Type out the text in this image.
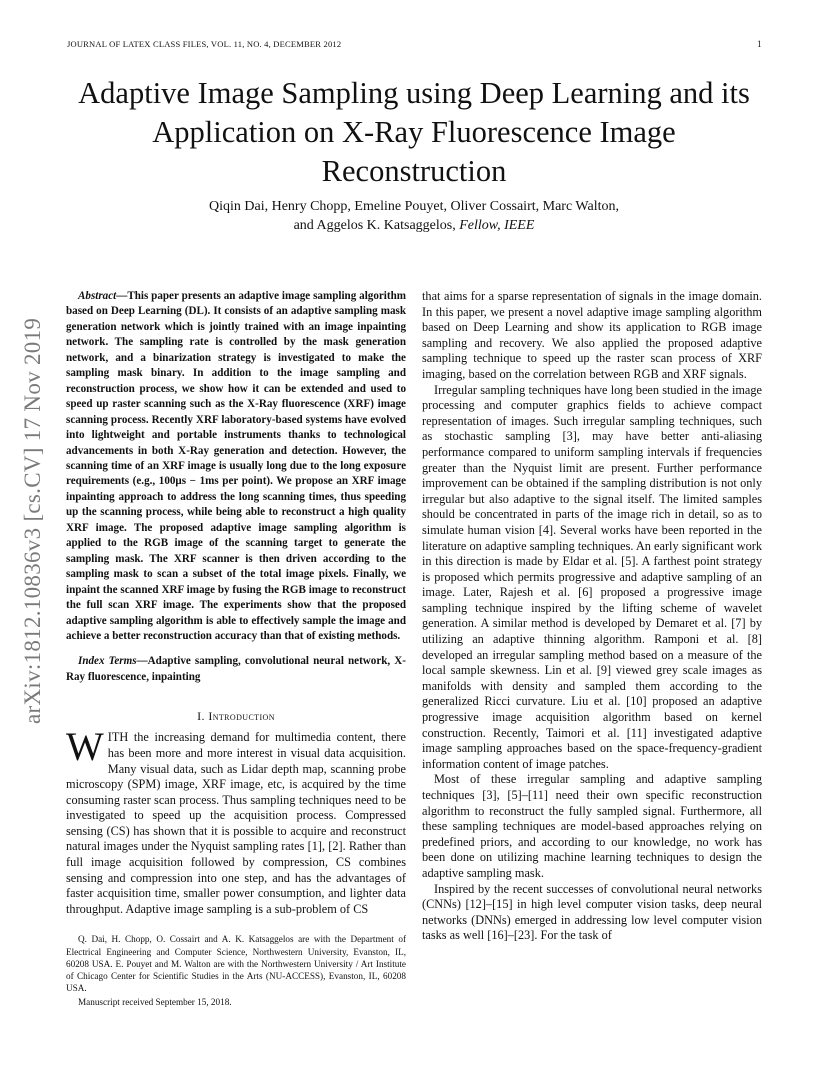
JOURNAL OF LATEX CLASS FILES, VOL. 11, NO. 4, DECEMBER 2012	1
arXiv:1812.10836v3 [cs.CV] 17 Nov 2019
Adaptive Image Sampling using Deep Learning and its Application on X-Ray Fluorescence Image Reconstruction
Qiqin Dai, Henry Chopp, Emeline Pouyet, Oliver Cossairt, Marc Walton,
and Aggelos K. Katsaggelos, Fellow, IEEE

Abstract—This paper presents an adaptive image sampling algorithm based on Deep Learning (DL). It consists of an adaptive sampling mask generation network which is jointly trained with an image inpainting network. The sampling rate is controlled by the mask generation network, and a binarization strategy is investigated to make the sampling mask binary. In addition to the image sampling and reconstruction process, we show how it can be extended and used to speed up raster scanning such as the X-Ray fluorescence (XRF) image scanning process. Recently XRF laboratory-based systems have evolved into lightweight and portable instruments thanks to technological advancements in both X-Ray generation and detection. However, the scanning time of an XRF image is usually long due to the long exposure requirements (e.g., 100μs − 1ms per point). We propose an XRF image inpainting approach to address the long scanning times, thus speeding up the scanning process, while being able to reconstruct a high quality XRF image. The proposed adaptive image sampling algorithm is applied to the RGB image of the scanning target to generate the sampling mask. The XRF scanner is then driven according to the sampling mask to scan a subset of the total image pixels. Finally, we inpaint the scanned XRF image by fusing the RGB image to reconstruct the full scan XRF image. The experiments show that the proposed adaptive sampling algorithm is able to effectively sample the image and achieve a better reconstruction accuracy than that of existing methods.

Index Terms—Adaptive sampling, convolutional neural network, X-Ray fluorescence, inpainting

I. Introduction

WITH the increasing demand for multimedia content, there has been more and more interest in visual data acquisition. Many visual data, such as Lidar depth map, scanning probe microscopy (SPM) image, XRF image, etc, is acquired by the time consuming raster scan process. Thus sampling techniques need to be investigated to speed up the acquisition process. Compressed sensing (CS) has shown that it is possible to acquire and reconstruct natural images under the Nyquist sampling rates [1], [2]. Rather than full image acquisition followed by compression, CS combines sensing and compression into one step, and has the advantages of faster acquisition time, smaller power consumption, and lighter data throughput. Adaptive image sampling is a sub-problem of CS

Q. Dai, H. Chopp, O. Cossairt and A. K. Katsaggelos are with the Department of Electrical Engineering and Computer Science, Northwestern University, Evanston, IL, 60208 USA. E. Pouyet and M. Walton are with the Northwestern University / Art Institute of Chicago Center for Scientific Studies in the Arts (NU-ACCESS), Evanston, IL, 60208 USA.

Manuscript received September 15, 2018.

that aims for a sparse representation of signals in the image domain. In this paper, we present a novel adaptive image sampling algorithm based on Deep Learning and show its application to RGB image sampling and recovery. We also applied the proposed adaptive sampling technique to speed up the raster scan process of XRF imaging, based on the correlation between RGB and XRF signals.

Irregular sampling techniques have long been studied in the image processing and computer graphics fields to achieve compact representation of images. Such irregular sampling techniques, such as stochastic sampling [3], may have better anti-aliasing performance compared to uniform sampling intervals if frequencies greater than the Nyquist limit are present. Further performance improvement can be obtained if the sampling distribution is not only irregular but also adaptive to the signal itself. The limited samples should be concentrated in parts of the image rich in detail, so as to simulate human vision [4]. Several works have been reported in the literature on adaptive sampling techniques. An early significant work in this direction is made by Eldar et al. [5]. A farthest point strategy is proposed which permits progressive and adaptive sampling of an image. Later, Rajesh et al. [6] proposed a progressive image sampling technique inspired by the lifting scheme of wavelet generation. A similar method is developed by Demaret et al. [7] by utilizing an adaptive thinning algorithm. Ramponi et al. [8] developed an irregular sampling method based on a measure of the local sample skewness. Lin et al. [9] viewed grey scale images as manifolds with density and sampled them according to the generalized Ricci curvature. Liu et al. [10] proposed an adaptive progressive image acquisition algorithm based on kernel construction. Recently, Taimori et al. [11] investigated adaptive image sampling approaches based on the space-frequency-gradient information content of image patches.

Most of these irregular sampling and adaptive sampling techniques [3], [5]–[11] need their own specific reconstruction algorithm to reconstruct the fully sampled signal. Furthermore, all these sampling techniques are model-based approaches relying on predefined priors, and according to our knowledge, no work has been done on utilizing machine learning techniques to design the adaptive sampling mask.

Inspired by the recent successes of convolutional neural networks (CNNs) [12]–[15] in high level computer vision tasks, deep neural networks (DNNs) emerged in addressing low level computer vision tasks as well [16]–[23]. For the task of
